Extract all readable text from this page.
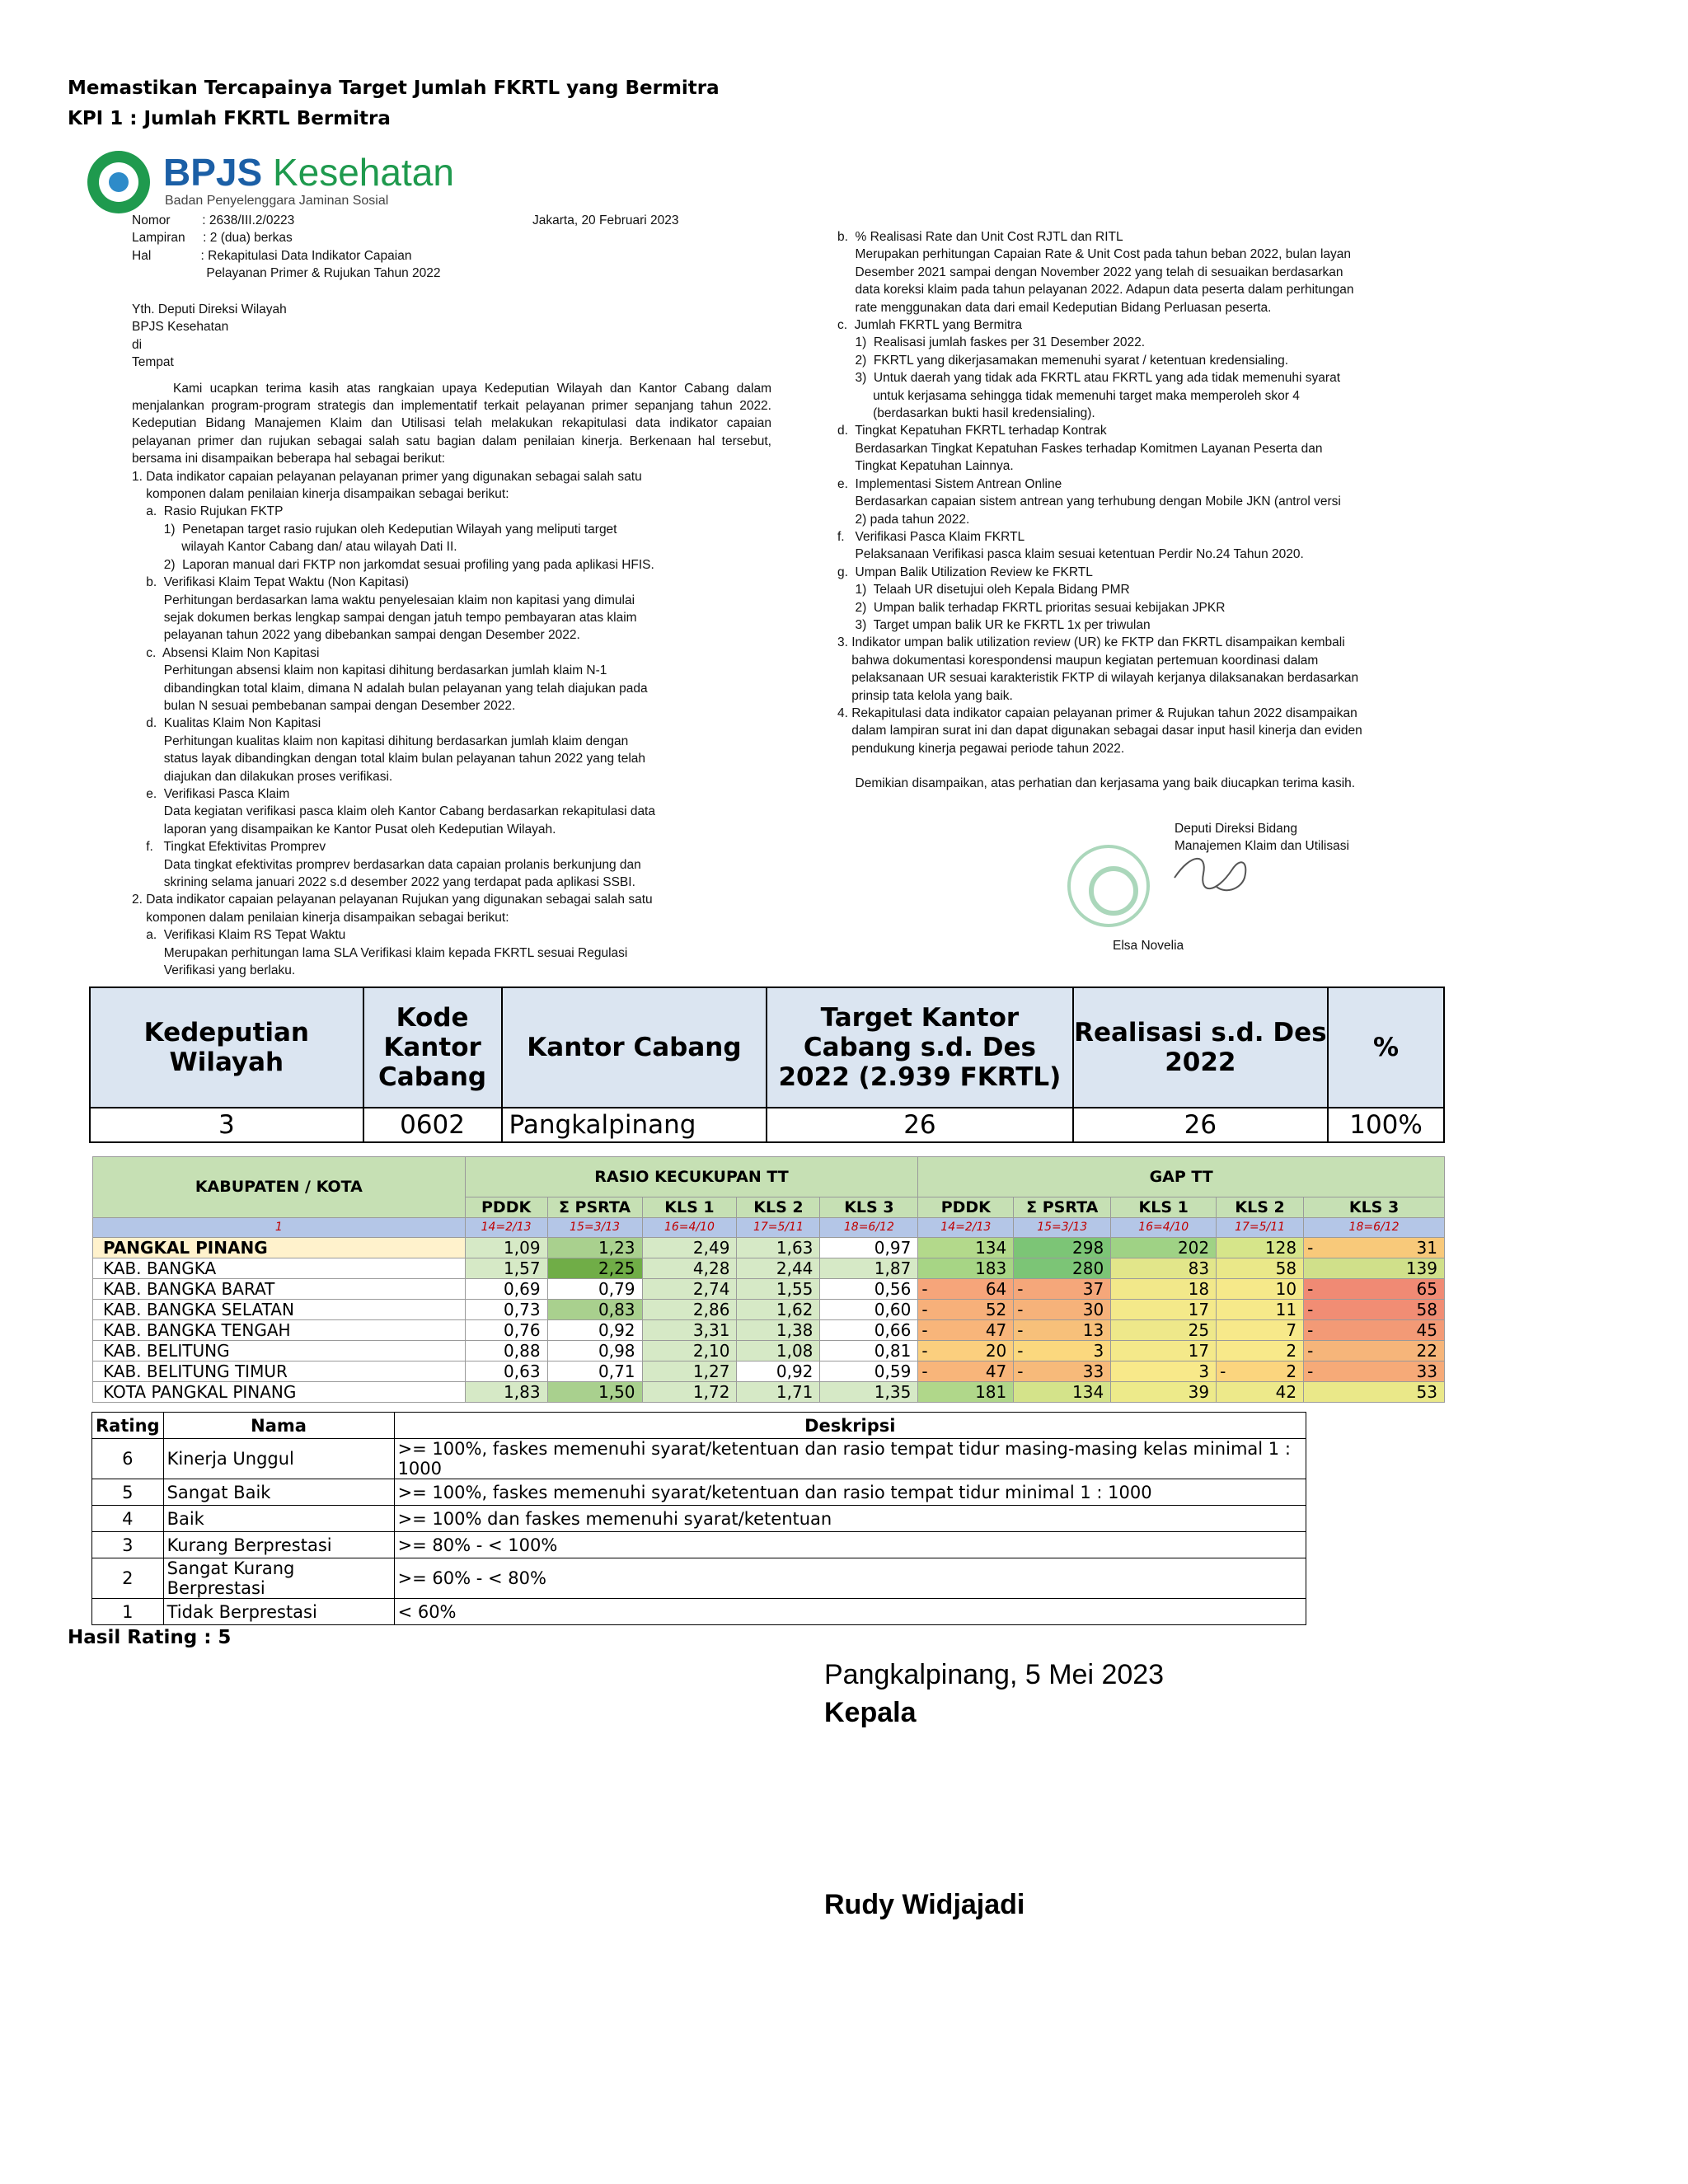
Memastikan Tercapainya Target Jumlah FKRTL yang Bermitra
KPI 1 : Jumlah FKRTL Bermitra
BPJS Kesehatan
Badan Penyelenggara Jaminan Sosial

Nomor         : 2638/III.2/0223

Lampiran     : 2 (dua) berkas

Hal              : Rekapitulasi Data Indikator Capaian

Pelayanan Primer & Rujukan Tahun 2022

Jakarta, 20 Februari 2023

Yth. Deputi Direksi Wilayah

BPJS Kesehatan

di

Tempat

Kami ucapkan terima kasih atas rangkaian upaya Kedeputian Wilayah dan Kantor Cabang dalam menjalankan program-program strategis dan implementatif terkait pelayanan primer sepanjang tahun 2022. Kedeputian Bidang Manajemen Klaim dan Utilisasi telah melakukan rekapitulasi data indikator capaian pelayanan primer dan rujukan sebagai salah satu bagian dalam penilaian kinerja. Berkenaan hal tersebut, bersama ini disampaikan beberapa hal sebagai berikut:

1. Data indikator capaian pelayanan pelayanan primer yang digunakan sebagai salah satu

komponen dalam penilaian kinerja disampaikan sebagai berikut:

a.  Rasio Rujukan FKTP

1)  Penetapan target rasio rujukan oleh Kedeputian Wilayah yang meliputi target

wilayah Kantor Cabang dan/ atau wilayah Dati II.

2)  Laporan manual dari FKTP non jarkomdat sesuai profiling yang pada aplikasi HFIS.

b.  Verifikasi Klaim Tepat Waktu (Non Kapitasi)

Perhitungan berdasarkan lama waktu penyelesaian klaim non kapitasi yang dimulai

sejak dokumen berkas lengkap sampai dengan jatuh tempo pembayaran atas klaim

pelayanan tahun 2022 yang dibebankan sampai dengan Desember 2022.

c.  Absensi Klaim Non Kapitasi

Perhitungan absensi klaim non kapitasi dihitung berdasarkan jumlah klaim N-1

dibandingkan total klaim, dimana N adalah bulan pelayanan yang telah diajukan pada

bulan N sesuai pembebanan sampai dengan Desember 2022.

d.  Kualitas Klaim Non Kapitasi

Perhitungan kualitas klaim non kapitasi dihitung berdasarkan jumlah klaim dengan

status layak dibandingkan dengan total klaim bulan pelayanan tahun 2022 yang telah

diajukan dan dilakukan proses verifikasi.

e.  Verifikasi Pasca Klaim

Data kegiatan verifikasi pasca klaim oleh Kantor Cabang berdasarkan rekapitulasi data

laporan yang disampaikan ke Kantor Pusat oleh Kedeputian Wilayah.

f.   Tingkat Efektivitas Promprev

Data tingkat efektivitas promprev berdasarkan data capaian prolanis berkunjung dan

skrining selama januari 2022 s.d desember 2022 yang terdapat pada aplikasi SSBI.

2. Data indikator capaian pelayanan pelayanan Rujukan yang digunakan sebagai salah satu

komponen dalam penilaian kinerja disampaikan sebagai berikut:

a.  Verifikasi Klaim RS Tepat Waktu

Merupakan perhitungan lama SLA Verifikasi klaim kepada FKRTL sesuai Regulasi

Verifikasi yang berlaku.

b.  % Realisasi Rate dan Unit Cost RJTL dan RITL

Merupakan perhitungan Capaian Rate & Unit Cost pada tahun beban 2022, bulan layan

Desember 2021 sampai dengan November 2022 yang telah di sesuaikan berdasarkan

data koreksi klaim pada tahun pelayanan 2022. Adapun data peserta dalam perhitungan

rate menggunakan data dari email Kedeputian Bidang Perluasan peserta.

c.  Jumlah FKRTL yang Bermitra

1)  Realisasi jumlah faskes per 31 Desember 2022.

2)  FKRTL yang dikerjasamakan memenuhi syarat / ketentuan kredensialing.

3)  Untuk daerah yang tidak ada FKRTL atau FKRTL yang ada tidak memenuhi syarat

untuk kerjasama sehingga tidak memenuhi target maka memperoleh skor 4

(berdasarkan bukti hasil kredensialing).

d.  Tingkat Kepatuhan FKRTL terhadap Kontrak

Berdasarkan Tingkat Kepatuhan Faskes terhadap Komitmen Layanan Peserta dan

Tingkat Kepatuhan Lainnya.

e.  Implementasi Sistem Antrean Online

Berdasarkan capaian sistem antrean yang terhubung dengan Mobile JKN (antrol versi

2) pada tahun 2022.

f.   Verifikasi Pasca Klaim FKRTL

Pelaksanaan Verifikasi pasca klaim sesuai ketentuan Perdir No.24 Tahun 2020.

g.  Umpan Balik Utilization Review ke FKRTL

1)  Telaah UR disetujui oleh Kepala Bidang PMR

2)  Umpan balik terhadap FKRTL prioritas sesuai kebijakan JPKR

3)  Target umpan balik UR ke FKRTL 1x per triwulan

3. Indikator umpan balik utilization review (UR) ke FKTP dan FKRTL disampaikan kembali

bahwa dokumentasi korespondensi maupun kegiatan pertemuan koordinasi dalam

pelaksanaan UR sesuai karakteristik FKTP di wilayah kerjanya dilaksanakan berdasarkan

prinsip tata kelola yang baik.

4. Rekapitulasi data indikator capaian pelayanan primer & Rujukan tahun 2022 disampaikan

dalam lampiran surat ini dan dapat digunakan sebagai dasar input hasil kinerja dan eviden

pendukung kinerja pegawai periode tahun 2022.

Demikian disampaikan, atas perhatian dan kerjasama yang baik diucapkan terima kasih.

Deputi Direksi Bidang

Manajemen Klaim dan Utilisasi

Elsa Novelia

Kedeputian Wilayah	Kode Kantor Cabang	Kantor Cabang	Target Kantor Cabang s.d. Des 2022 (2.939 FKRTL)	Realisasi s.d. Des 2022	%
3	0602	Pangkalpinang	26	26	100%
KABUPATEN / KOTA	RASIO KECUKUPAN TT					GAP TT				
	PDDK	Σ PSRTA	KLS 1	KLS 2	KLS 3	PDDK	Σ PSRTA	KLS 1	KLS 2	KLS 3
1	14=2/13	15=3/13	16=4/10	17=5/11	18=6/12	14=2/13	15=3/13	16=4/10	17=5/11	18=6/12
PANGKAL PINANG	1,09	1,23	2,49	1,63	0,97	134	298	202	128	- 31

KAB. BANGKA	1,57	2,25	4,28	2,44	1,87	183	280	83	58	139

KAB. BANGKA BARAT	0,69	0,79	2,74	1,55	0,56	- 64	- 37	18	10	- 65

KAB. BANGKA SELATAN	0,73	0,83	2,86	1,62	0,60	- 52	- 30	17	11	- 58

KAB. BANGKA TENGAH	0,76	0,92	3,31	1,38	0,66	- 47	- 13	25	7	- 45

KAB. BELITUNG	0,88	0,98	2,10	1,08	0,81	- 20	- 3	17	2	- 22

KAB. BELITUNG TIMUR	0,63	0,71	1,27	0,92	0,59	- 47	- 33	3	- 2	- 33

KOTA PANGKAL PINANG	1,83	1,50	1,72	1,71	1,35	181	134	39	42	53
Rating	Nama	Deskripsi
6	Kinerja Unggul	>= 100%, faskes memenuhi syarat/ketentuan dan rasio tempat tidur masing-masing kelas minimal 1 : 1000
5	Sangat Baik	>= 100%, faskes memenuhi syarat/ketentuan dan rasio tempat tidur minimal 1 : 1000
4	Baik	>= 100% dan faskes memenuhi syarat/ketentuan
3	Kurang Berprestasi	>= 80% - < 100%
2	Sangat Kurang Berprestasi	>= 60% - < 80%
1	Tidak Berprestasi	< 60%
Hasil Rating : 5
Pangkalpinang, 5 Mei 2023
Kepala
Rudy Widjajadi
